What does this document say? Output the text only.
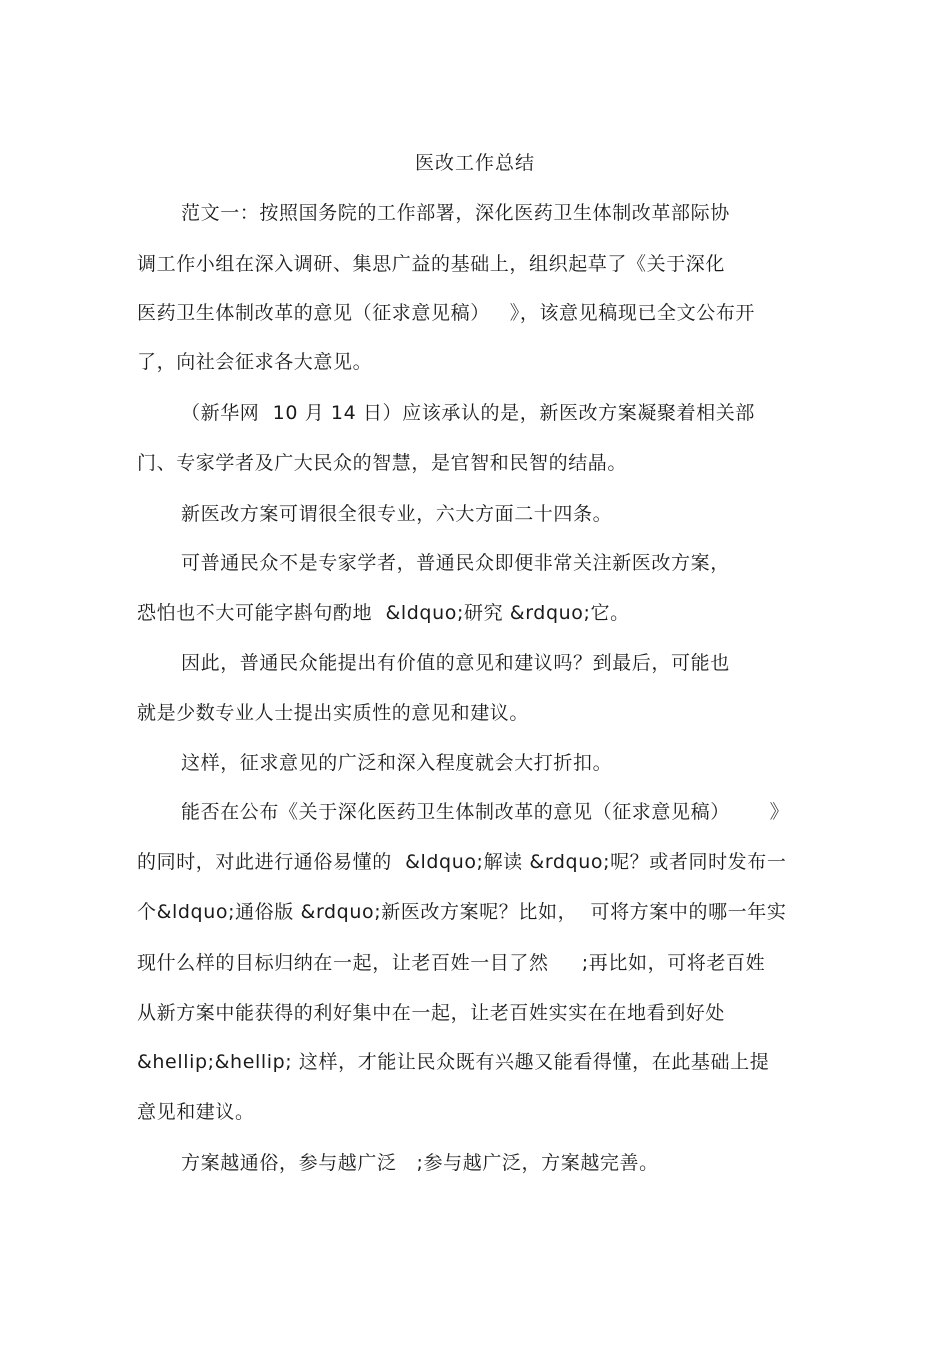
医改工作总结
范文一：按照国务院的工作部署，深化医药卫生体制改革部际协
调工作小组在深入调研、集思广益的基础上，组织起草了《关于深化
医药卫生体制改革的意见（征求意见稿）   》，该意见稿现已全文公布开
了，向社会征求各大意见。
（新华网  10 月 14 日）应该承认的是，新医改方案凝聚着相关部
门、专家学者及广大民众的智慧，是官智和民智的结晶。
新医改方案可谓很全很专业，六大方面二十四条。
可普通民众不是专家学者，普通民众即便非常关注新医改方案，
恐怕也不大可能字斟句酌地  &ldquo;研究 &rdquo;它。
因此，普通民众能提出有价值的意见和建议吗？到最后，可能也
就是少数专业人士提出实质性的意见和建议。
这样，征求意见的广泛和深入程度就会大打折扣。
能否在公布《关于深化医药卫生体制改革的意见（征求意见稿）      》
的同时，对此进行通俗易懂的  &ldquo;解读 &rdquo;呢？或者同时发布一
个&ldquo;通俗版 &rdquo;新医改方案呢？比如，  可将方案中的哪一年实
现什么样的目标归纳在一起，让老百姓一目了然     ;再比如，可将老百姓
从新方案中能获得的利好集中在一起，让老百姓实实在在地看到好处
&hellip;&hellip; 这样，才能让民众既有兴趣又能看得懂，在此基础上提
意见和建议。
方案越通俗，参与越广泛   ;参与越广泛，方案越完善。
